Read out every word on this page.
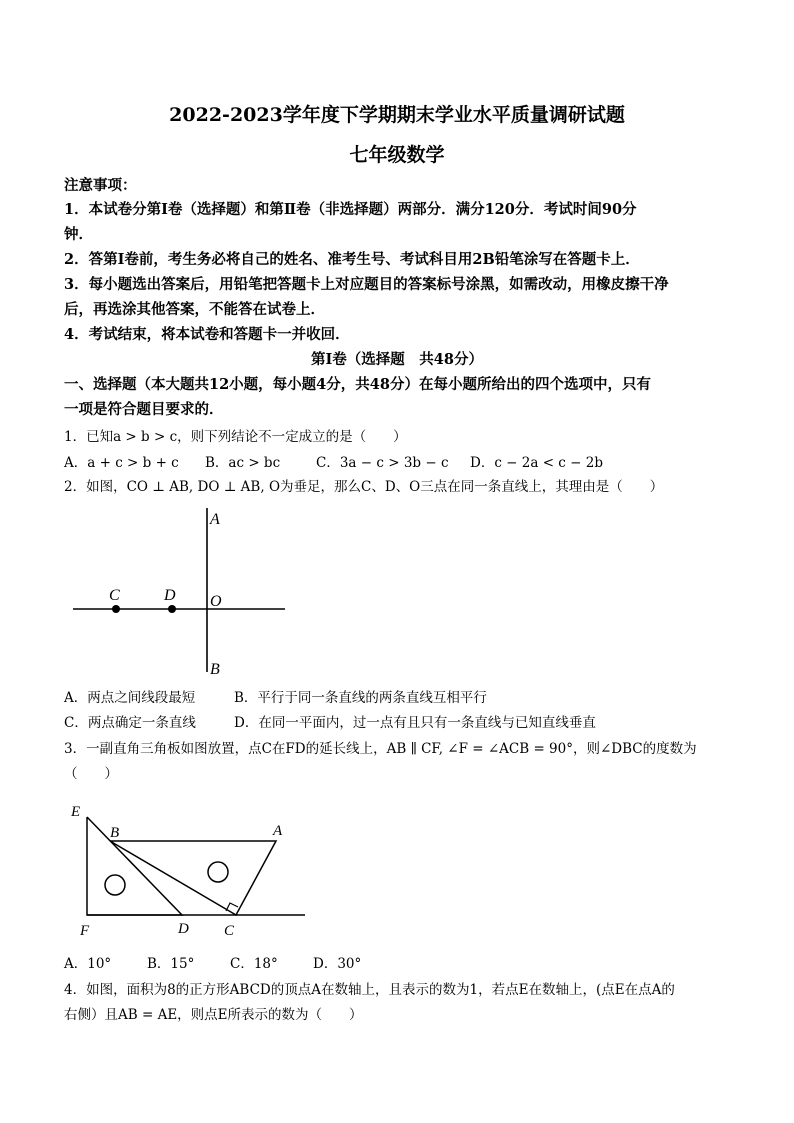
2022-2023学年度下学期期末学业水平质量调研试题
七年级数学
注意事项：
1．本试卷分第Ⅰ卷（选择题）和第Ⅱ卷（非选择题）两部分．满分120分．考试时间90分
钟．
2．答第Ⅰ卷前，考生务必将自己的姓名、准考生号、考试科目用2B铅笔涂写在答题卡上．
3．每小题选出答案后，用铅笔把答题卡上对应题目的答案标号涂黑，如需改动，用橡皮擦干净
后，再选涂其他答案，不能答在试卷上．
4．考试结束，将本试卷和答题卡一并收回．
第Ⅰ卷（选择题　共48分）
一、选择题（本大题共12小题，每小题4分，共48分）在每小题所给出的四个选项中，只有
一项是符合题目要求的．
1．已知a > b > c，则下列结论不一定成立的是（　　）
A．a + c > b + c B．ac > bc	C．3a − c > 3b − c D．c − 2a < c − 2b
2．如图，CO ⊥ AB, DO ⊥ AB, O为垂足，那么C、D、O三点在同一条直线上，其理由是（　　）
A
B
C	D O
A．两点之间线段最短	B．平行于同一条直线的两条直线互相平行
C．两点确定一条直线	D．在同一平面内，过一点有且只有一条直线与已知直线垂直
3．一副直角三角板如图放置，点C在FD的延长线上，AB ∥ CF, ∠F = ∠ACB = 90°，则∠DBC的度数为
（　　）
E
B	A
F	D C
A．10°	B．15°	C．18°	D．30°
4．如图，面积为8的正方形ABCD的顶点A在数轴上，且表示的数为1，若点E在数轴上，(点E在点A的
右侧）且AB = AE，则点E所表示的数为（　　）
